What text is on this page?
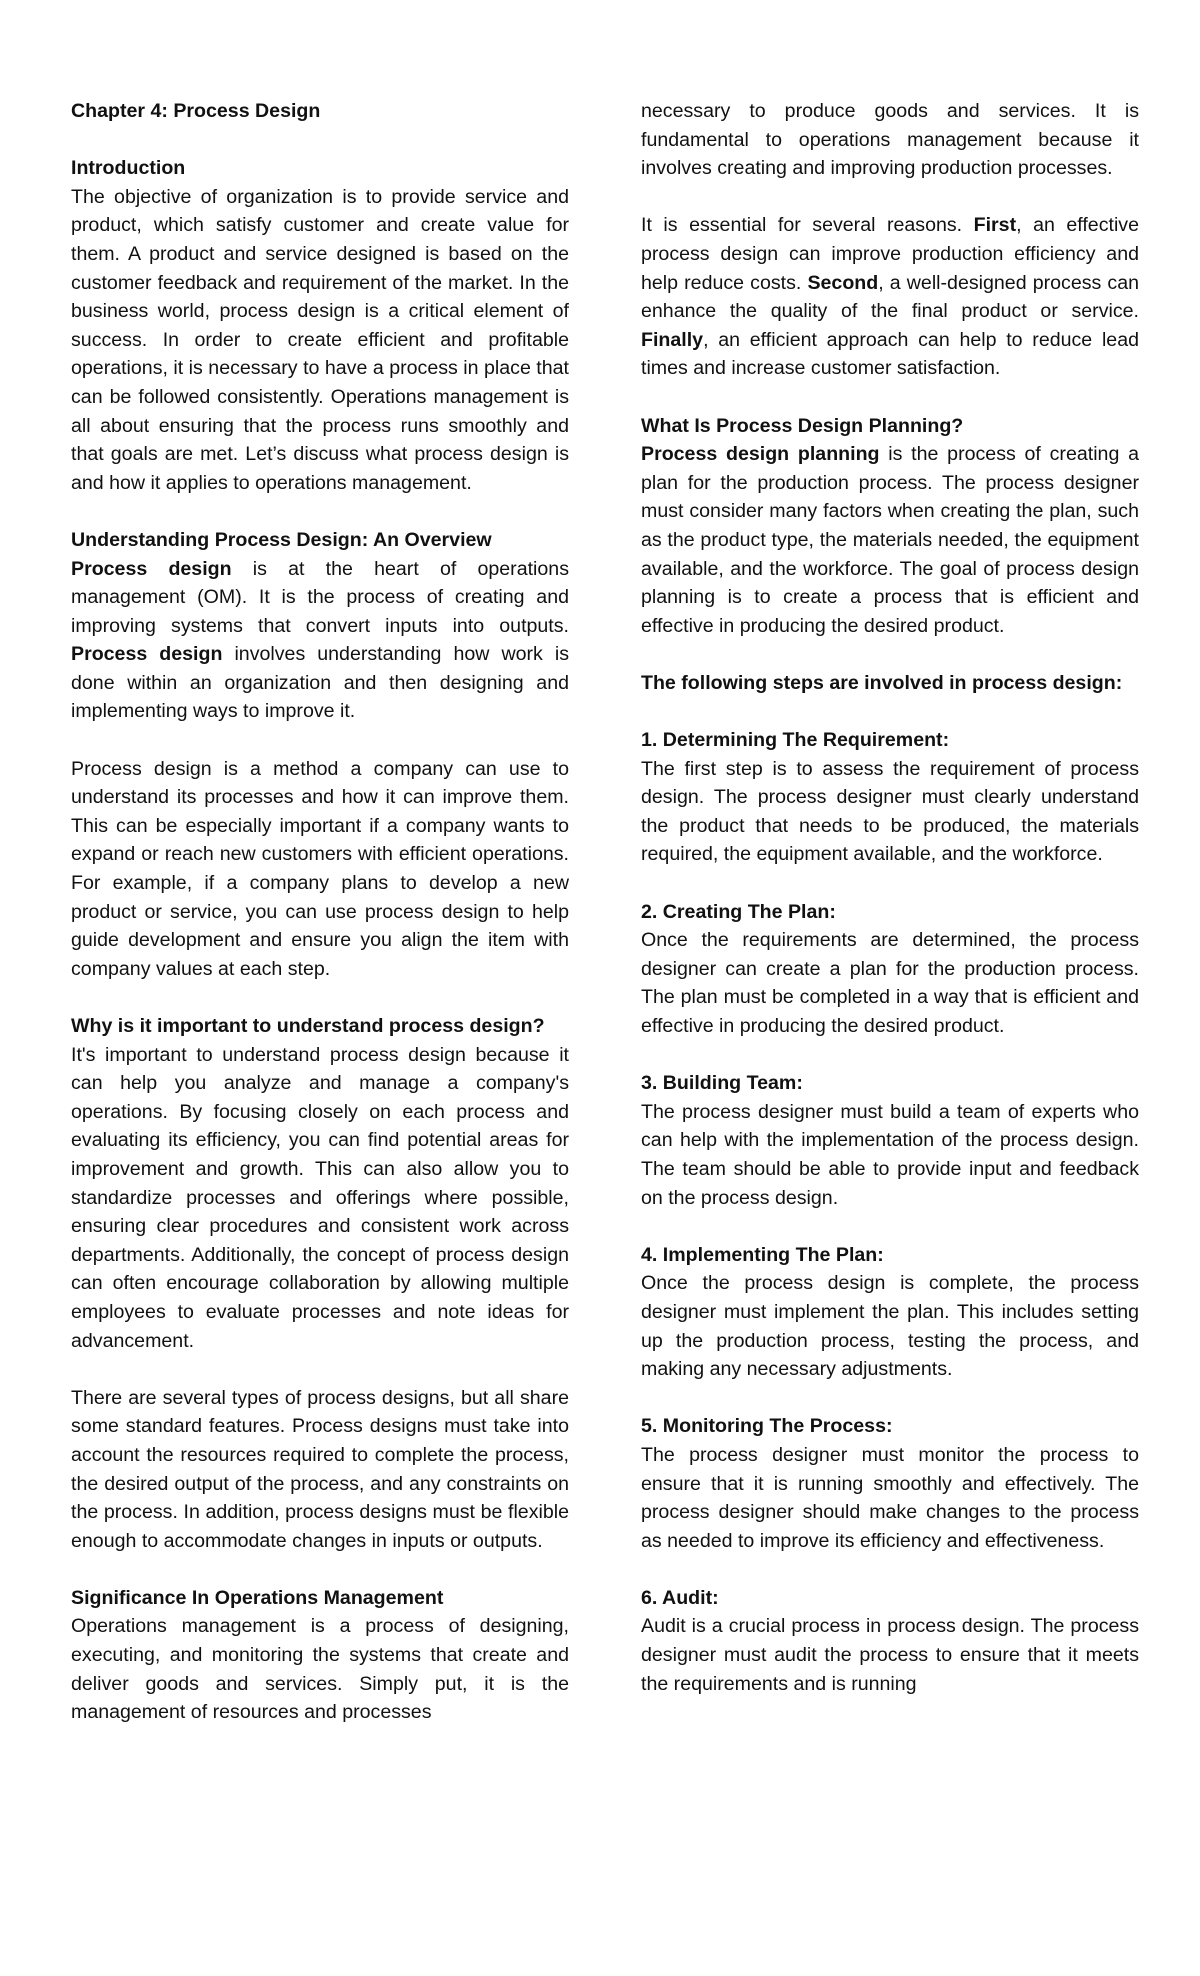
Chapter 4: Process Design

Introduction

The objective of organization is to provide service and product, which satisfy customer and create value for them. A product and service designed is based on the customer feedback and requirement of the market. In the business world, process design is a critical element of success. In order to create efficient and profitable operations, it is necessary to have a process in place that can be followed consistently. Operations management is all about ensuring that the process runs smoothly and that goals are met. Let’s discuss what process design is and how it applies to operations management.

Understanding Process Design: An Overview

Process design is at the heart of operations management (OM). It is the process of creating and improving systems that convert inputs into outputs. Process design involves understanding how work is done within an organization and then designing and implementing ways to improve it.

Process design is a method a company can use to understand its processes and how it can improve them. This can be especially important if a company wants to expand or reach new customers with efficient operations. For example, if a company plans to develop a new product or service, you can use process design to help guide development and ensure you align the item with company values at each step.

Why is it important to understand process design?

It's important to understand process design because it can help you analyze and manage a company's operations. By focusing closely on each process and evaluating its efficiency, you can find potential areas for improvement and growth. This can also allow you to standardize processes and offerings where possible, ensuring clear procedures and consistent work across departments. Additionally, the concept of process design can often encourage collaboration by allowing multiple employees to evaluate processes and note ideas for advancement.

There are several types of process designs, but all share some standard features. Process designs must take into account the resources required to complete the process, the desired output of the process, and any constraints on the process. In addition, process designs must be flexible enough to accommodate changes in inputs or outputs.

Significance In Operations Management

Operations management is a process of designing, executing, and monitoring the systems that create and deliver goods and services. Simply put, it is the management of resources and processes

necessary to produce goods and services. It is fundamental to operations management because it involves creating and improving production processes.

It is essential for several reasons. First, an effective process design can improve production efficiency and help reduce costs. Second, a well-designed process can enhance the quality of the final product or service. Finally, an efficient approach can help to reduce lead times and increase customer satisfaction.

What Is Process Design Planning?

Process design planning is the process of creating a plan for the production process. The process designer must consider many factors when creating the plan, such as the product type, the materials needed, the equipment available, and the workforce. The goal of process design planning is to create a process that is efficient and effective in producing the desired product.

The following steps are involved in process design:

1. Determining The Requirement:

The first step is to assess the requirement of process design. The process designer must clearly understand the product that needs to be produced, the materials required, the equipment available, and the workforce.

2. Creating The Plan:

Once the requirements are determined, the process designer can create a plan for the production process. The plan must be completed in a way that is efficient and effective in producing the desired product.

3. Building Team:

The process designer must build a team of experts who can help with the implementation of the process design. The team should be able to provide input and feedback on the process design.

4. Implementing The Plan:

Once the process design is complete, the process designer must implement the plan. This includes setting up the production process, testing the process, and making any necessary adjustments.

5. Monitoring The Process:

The process designer must monitor the process to ensure that it is running smoothly and effectively. The process designer should make changes to the process as needed to improve its efficiency and effectiveness.

6. Audit:

Audit is a crucial process in process design. The process designer must audit the process to ensure that it meets the requirements and is running
